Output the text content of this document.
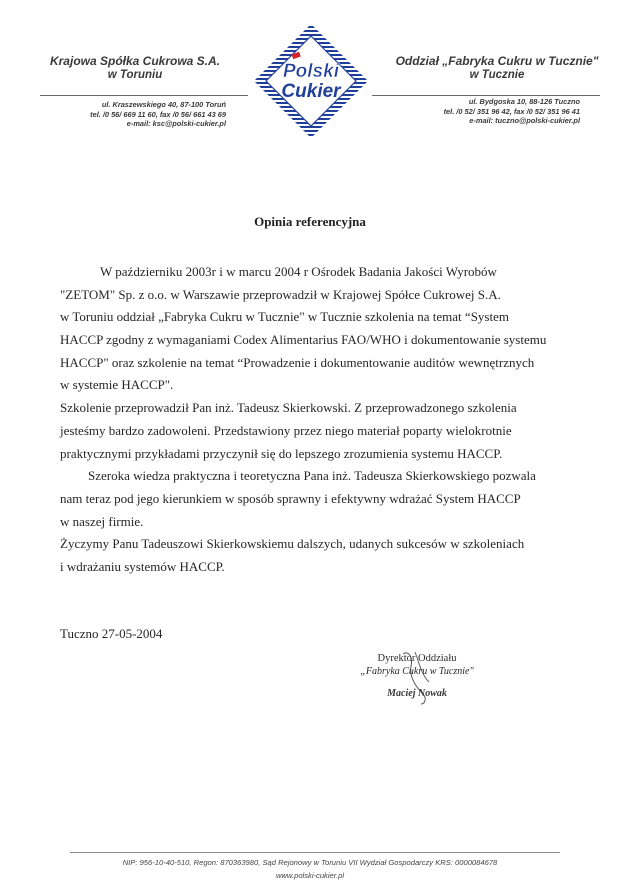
Krajowa Spółka Cukrowa S.A.
w Toruniu
ul. Kraszewskiego 40, 87-100 Toruń
tel. /0 56/ 669 11 60, fax /0 56/ 661 43 69
e-mail: ksc@polski-cukier.pl
Polski
Cukier
Oddział „Fabryka Cukru w Tucznie"
w Tucznie
ul. Bydgoska 10, 88-126 Tuczno
tel. /0 52/ 351 96 42, fax /0 52/ 351 96 41
e-mail: tuczno@polski-cukier.pl
Opinia referencyjna
W październiku 2003r i w marcu 2004 r Ośrodek Badania Jakości Wyrobów
"ZETOM" Sp. z o.o. w Warszawie przeprowadził w Krajowej Spółce Cukrowej S.A.
w Toruniu oddział „Fabryka Cukru w Tucznie" w Tucznie szkolenia na temat “System
HACCP zgodny z wymaganiami Codex Alimentarius FAO/WHO i dokumentowanie systemu
HACCP" oraz szkolenie na temat “Prowadzenie i dokumentowanie auditów wewnętrznych
w systemie HACCP".
Szkolenie przeprowadził Pan inż. Tadeusz Skierkowski. Z przeprowadzonego szkolenia
jesteśmy bardzo zadowoleni. Przedstawiony przez niego materiał poparty wielokrotnie
praktycznymi przykładami przyczynił się do lepszego zrozumienia systemu HACCP.
Szeroka wiedza praktyczna i teoretyczna Pana inż. Tadeusza Skierkowskiego pozwala
nam teraz pod jego kierunkiem w sposób sprawny i efektywny wdrażać System HACCP
w naszej firmie.
Życzymy Panu Tadeuszowi Skierkowskiemu dalszych, udanych sukcesów w szkoleniach
i wdrażaniu systemów HACCP.
Tuczno 27-05-2004
Dyrektor Oddziału
„Fabryka Cukru w Tucznie"
Maciej Nowak
NIP: 956-10-40-510, Regon: 870363980, Sąd Rejonowy w Toruniu VII Wydział Gospodarczy KRS: 0000084678
www.polski-cukier.pl
